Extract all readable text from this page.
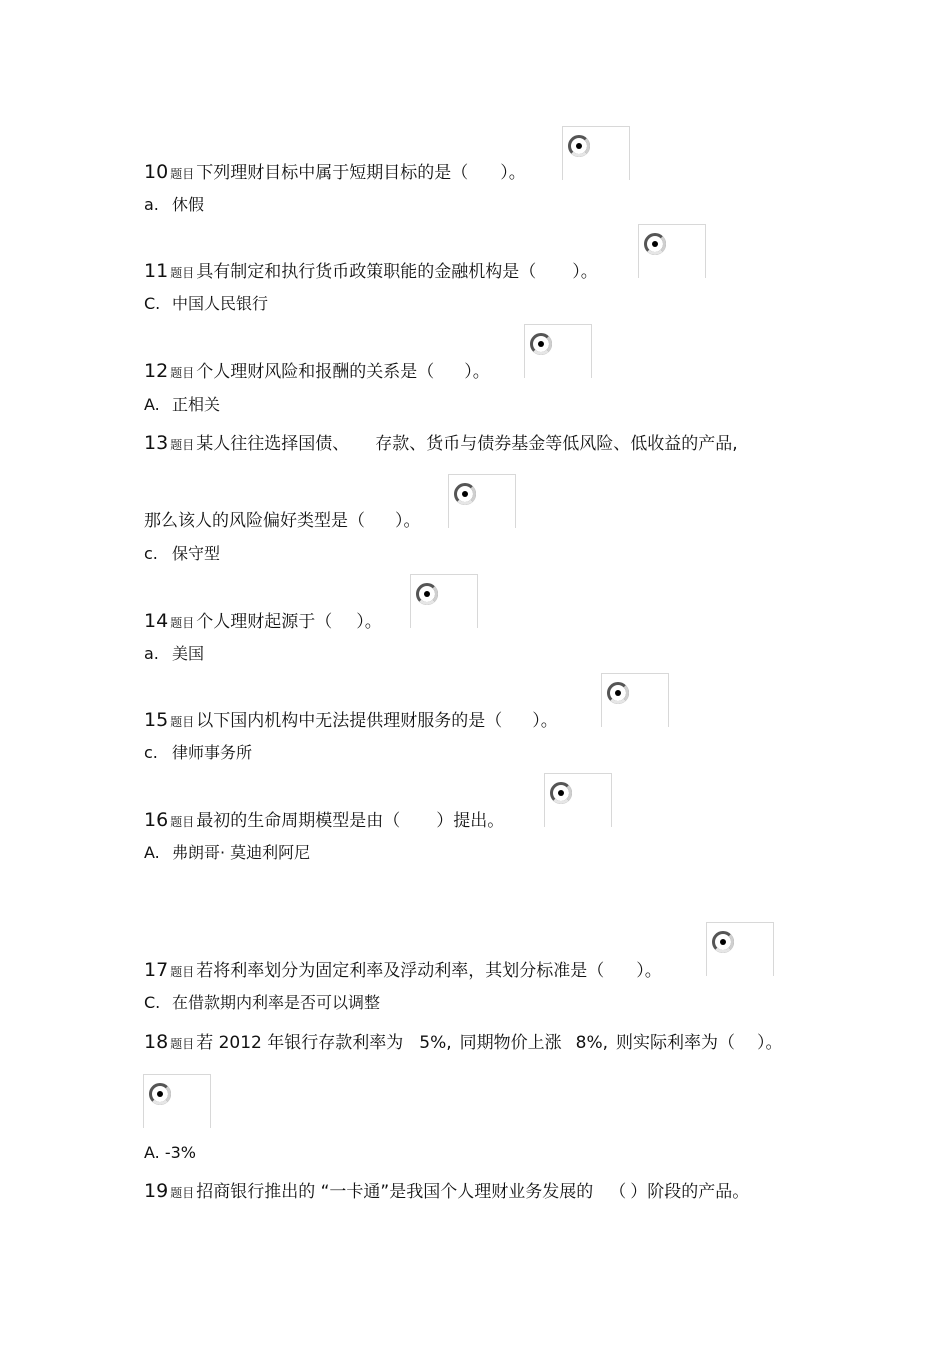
10 题目 下列理财目标中属于短期目标的是（ ）。
a. 休假
11 题目 具有制定和执行货币政策职能的金融机构是（ ）。
C. 中国人民银行
12 题目 个人理财风险和报酬的关系是（ ）。
A. 正相关
13 题目 某人往往选择国债、 存款、货币与债券基金等低风险、低收益的产品,
那么该人的风险偏好类型是（ ）。
c. 保守型
14 题目 个人理财起源于（ ）。
a. 美国
15 题目 以下国内机构中无法提供理财服务的是（ ）。
c. 律师事务所
16 题目 最初的生命周期模型是由（ ）提出。
A. 弗朗哥· 莫迪利阿尼
17 题目 若将利率划分为固定利率及浮动利率，其划分标准是（ ）。
C. 在借款期内利率是否可以调整
18 题目 若 2012 年银行存款利率为 5%, 同期物价上涨 8%, 则实际利率为（ ）。
A. -3%
19 题目 招商银行推出的 “一卡通”是我国个人理财业务发展的 （ ）阶段的产品。
